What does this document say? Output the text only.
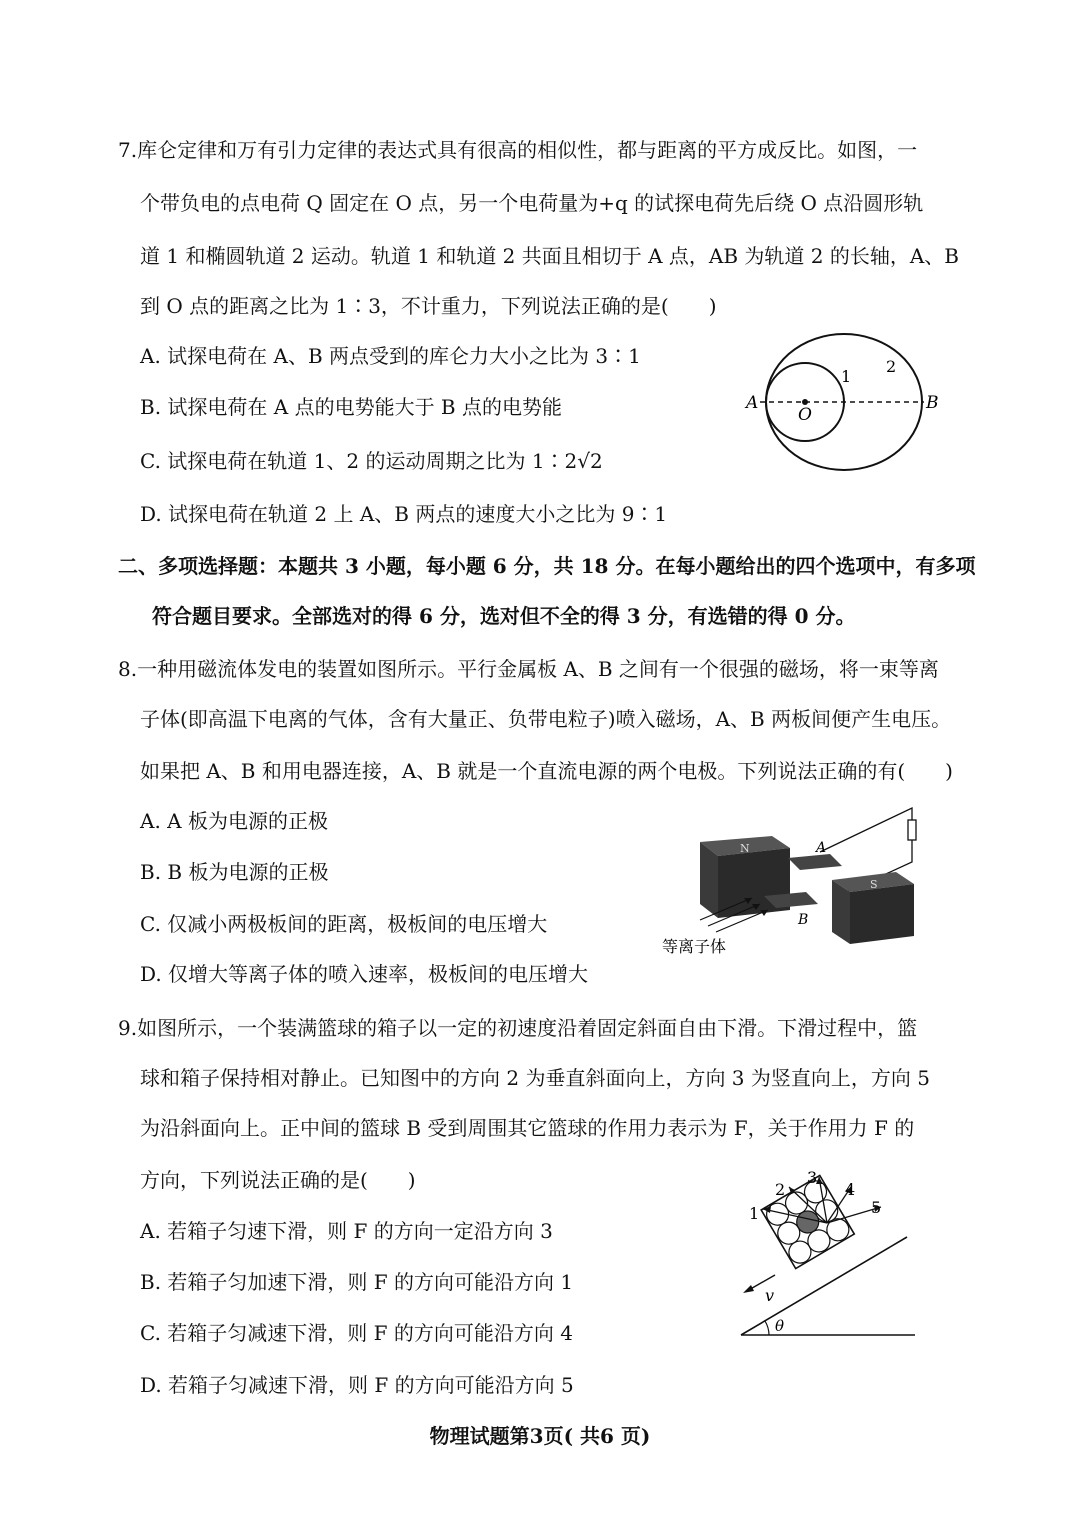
7.库仑定律和万有引力定律的表达式具有很高的相似性，都与距离的平方成反比。如图，一
个带负电的点电荷 Q 固定在 O 点，另一个电荷量为+q 的试探电荷先后绕 O 点沿圆形轨
道 1 和椭圆轨道 2 运动。轨道 1 和轨道 2 共面且相切于 A 点，AB 为轨道 2 的长轴，A、B
到 O 点的距离之比为 1∶3，不计重力，下列说法正确的是(　　)
A. 试探电荷在 A、B 两点受到的库仑力大小之比为 3∶1
B. 试探电荷在 A 点的电势能大于 B 点的电势能
C. 试探电荷在轨道 1、2 的运动周期之比为 1∶2√2
D. 试探电荷在轨道 2 上 A、B 两点的速度大小之比为 9∶1
A	B
O
1
2
二、多项选择题：本题共 3 小题，每小题 6 分，共 18 分。在每小题给出的四个选项中，有多项
符合题目要求。全部选对的得 6 分，选对但不全的得 3 分，有选错的得 0 分。
8.一种用磁流体发电的装置如图所示。平行金属板 A、B 之间有一个很强的磁场，将一束等离
子体(即高温下电离的气体，含有大量正、负带电粒子)喷入磁场，A、B 两板间便产生电压。
如果把 A、B 和用电器连接，A、B 就是一个直流电源的两个电极。下列说法正确的有(　　)
A. A 板为电源的正极
B. B 板为电源的正极
C. 仅减小两极板间的距离，极板间的电压增大
D. 仅增大等离子体的喷入速率，极板间的电压增大
N	A
B
S
等离子体
9.如图所示，一个装满篮球的箱子以一定的初速度沿着固定斜面自由下滑。下滑过程中，篮
球和箱子保持相对静止。已知图中的方向 2 为垂直斜面向上，方向 3 为竖直向上，方向 5
为沿斜面向上。正中间的篮球 B 受到周围其它篮球的作用力表示为 F，关于作用力 F 的
方向，下列说法正确的是(　　)
A. 若箱子匀速下滑，则 F 的方向一定沿方向 3
B. 若箱子匀加速下滑，则 F 的方向可能沿方向 1
C. 若箱子匀减速下滑，则 F 的方向可能沿方向 4
D. 若箱子匀减速下滑，则 F 的方向可能沿方向 5
θ
1
2
3
4
5
v
物理试题第3页( 共6 页)
